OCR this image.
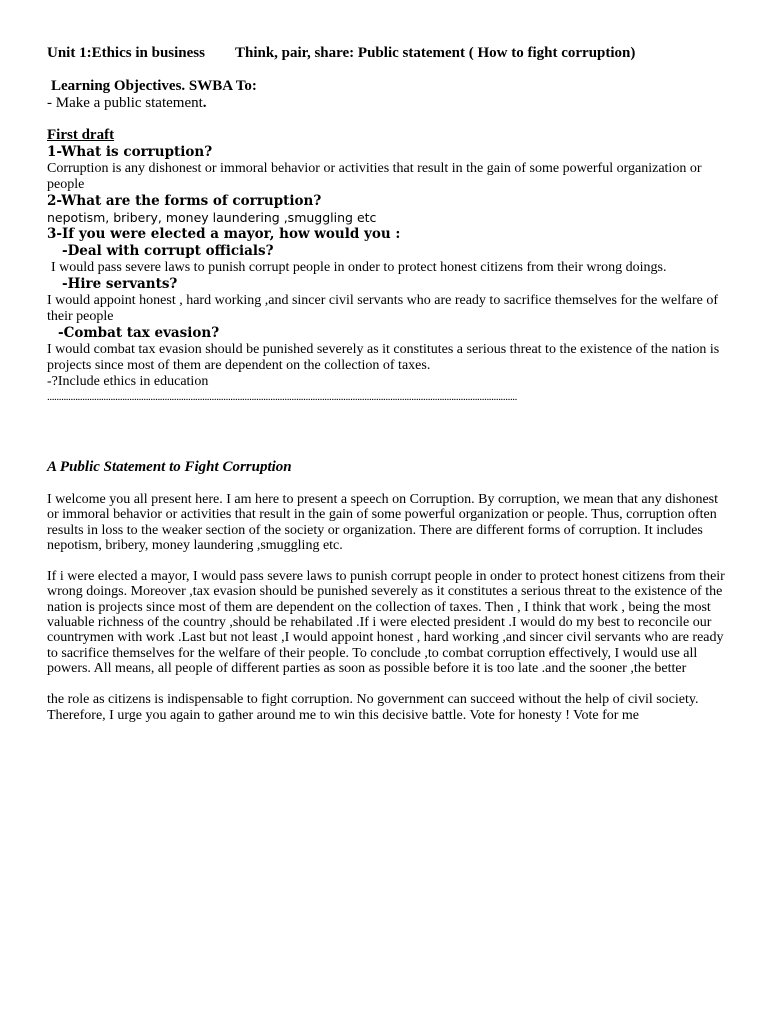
Unit 1:Ethics in business Think, pair, share: Public statement ( How to fight corruption)
Learning Objectives. SWBA To:
- Make a public statement.
First draft
1-What is corruption?
Corruption is any dishonest or immoral behavior or activities that result in the gain of some powerful organization or people
2-What are the forms of corruption?
nepotism, bribery, money laundering ,smuggling etc
3-If you were elected a mayor, how would you :
-Deal with corrupt officials?
I would pass severe laws to punish corrupt people in onder to protect honest citizens from their wrong doings.
-Hire servants?
I would appoint honest , hard working ,and sincer civil servants who are ready to sacrifice themselves for the welfare of their people
-Combat tax evasion?
I would combat tax evasion should be punished severely as it constitutes a serious threat to the existence of the nation is projects since most of them are dependent on the collection of taxes.
-?Include ethics in education
........................................................................................................................................................................................................
A Public Statement to Fight Corruption
I welcome you all present here. I am here to present a speech on Corruption. By corruption, we mean that any dishonest or immoral behavior or activities that result in the gain of some powerful organization or people. Thus, corruption often results in loss to the weaker section of the society or organization. There are different forms of corruption. It includes nepotism, bribery, money laundering ,smuggling etc.
If i were elected a mayor, I would pass severe laws to punish corrupt people in onder to protect honest citizens from their wrong doings. Moreover ,tax evasion should be punished severely as it constitutes a serious threat to the existence of the nation is projects since most of them are dependent on the collection of taxes. Then , I think that work , being the most valuable richness of the country ,should be rehabilated .If i were elected president .I would do my best to reconcile our countrymen with work .Last but not least ,I would appoint honest , hard working ,and sincer civil servants who are ready to sacrifice themselves for the welfare of their people. To conclude ,to combat corruption effectively, I would use all powers. All means, all people of different parties as soon as possible before it is too late .and the sooner ,the better
the role as citizens is indispensable to fight corruption. No government can succeed without the help of civil society. Therefore, I urge you again to gather around me to win this decisive battle. Vote for honesty ! Vote for me
